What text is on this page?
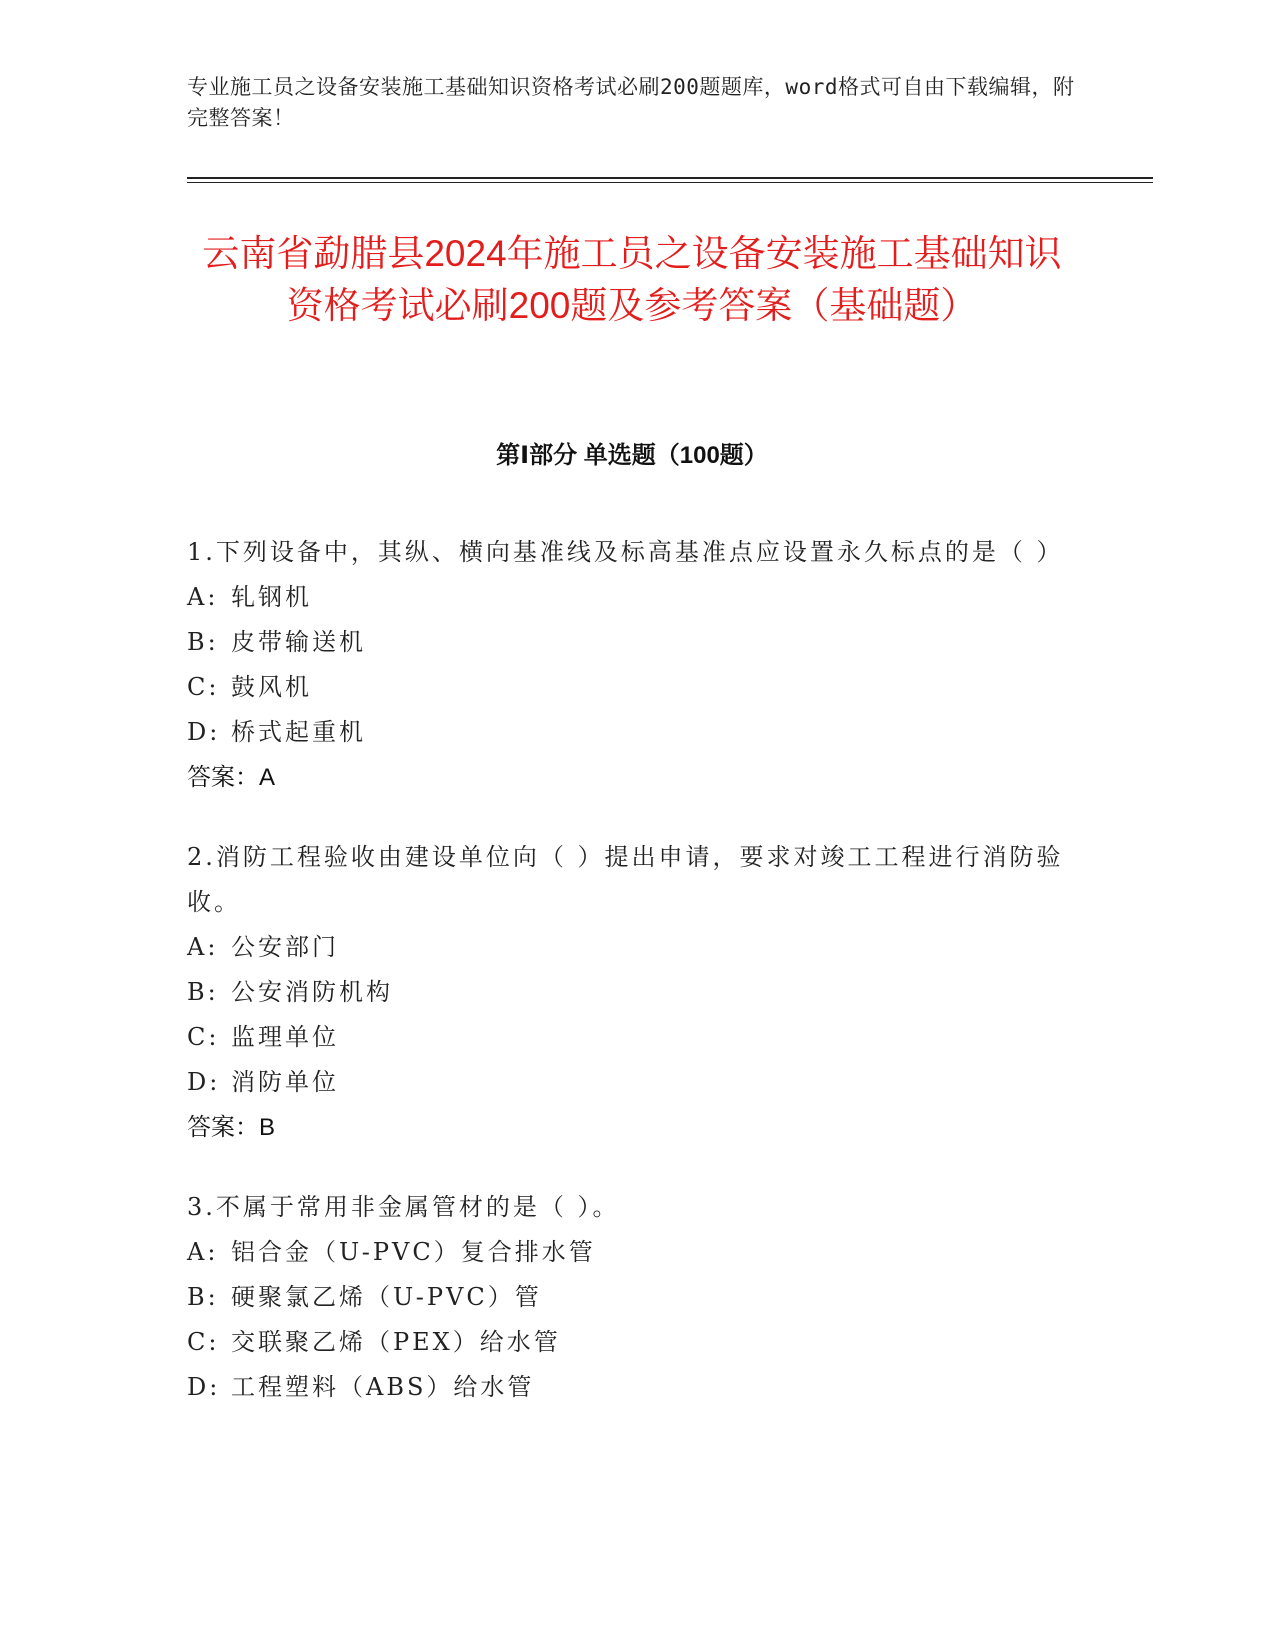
专业施工员之设备安装施工基础知识资格考试必刷200题题库，word格式可自由下载编辑，附完整答案！
云南省勐腊县2024年施工员之设备安装施工基础知识资格考试必刷200题及参考答案（基础题）
第Ⅰ部分 单选题（100题）

1.下列设备中，其纵、横向基准线及标高基准点应设置永久标点的是（ ）

A: 轧钢机

B: 皮带输送机

C: 鼓风机

D: 桥式起重机

答案：A

2.消防工程验收由建设单位向（ ）提出申请，要求对竣工工程进行消防验收。

A: 公安部门

B: 公安消防机构

C: 监理单位

D: 消防单位

答案：B

3.不属于常用非金属管材的是（ ）。

A: 铝合金（U-PVC）复合排水管

B: 硬聚氯乙烯（U-PVC）管

C: 交联聚乙烯（PEX）给水管

D: 工程塑料（ABS）给水管
